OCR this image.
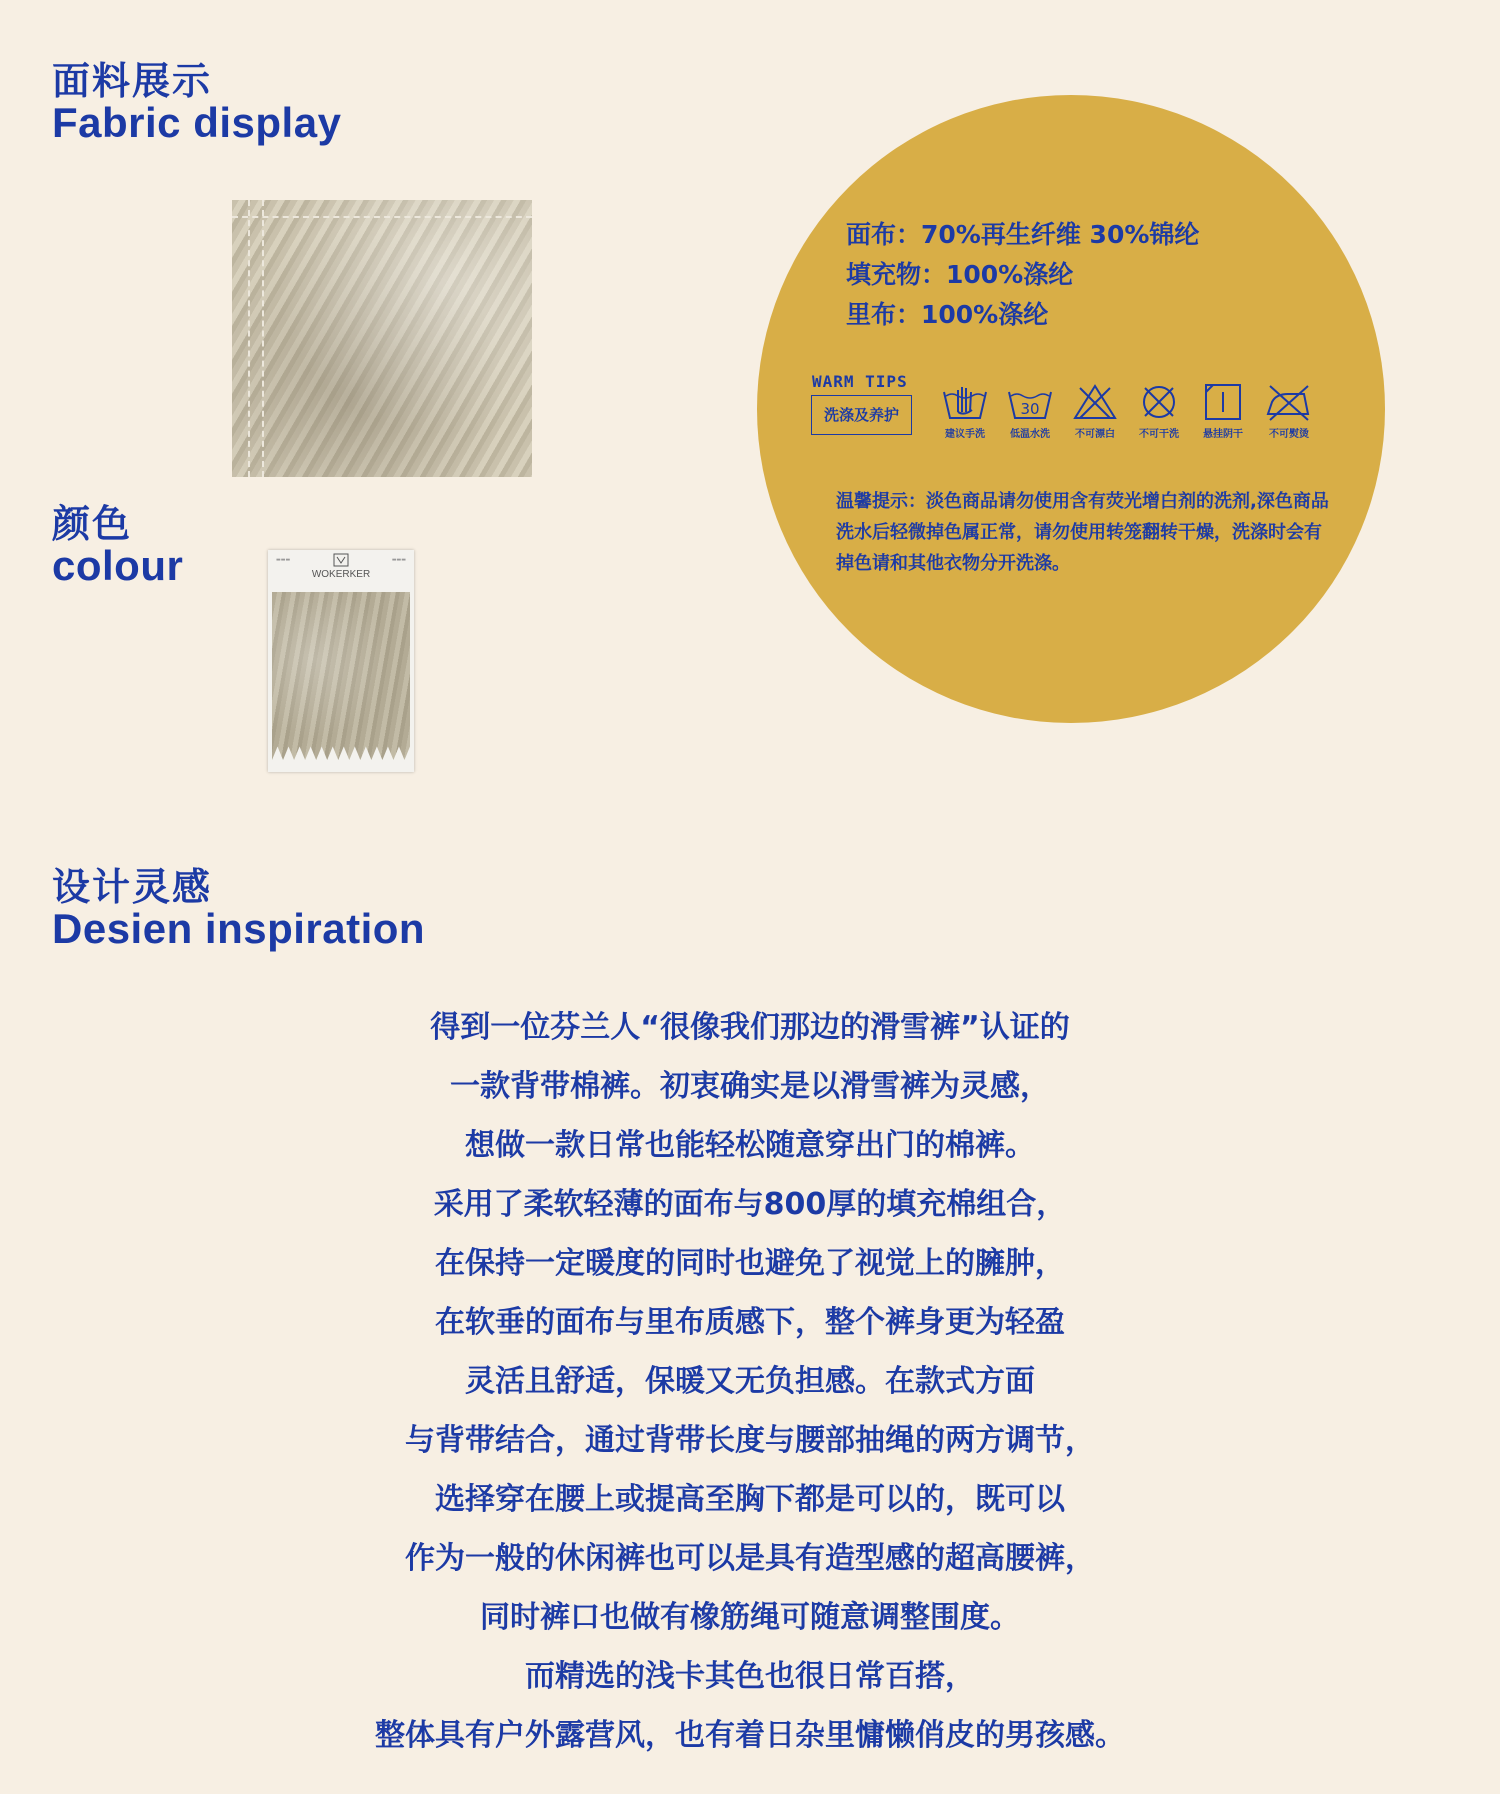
面料展示
Fabric display
颜色
colour	▬▬▬	▬▬▬
WOKERKER
面布：70%再生纤维 30%锦纶
填充物：100%涤纶
里布：100%涤纶
WARM TIPS
洗涤及养护
建议手洗
30
低温水洗	不可漂白	不可干洗	悬挂阴干	不可熨烫
温馨提示：淡色商品请勿使用含有荧光增白剂的洗剂,深色商品洗水后轻微掉色属正常，请勿使用转笼翻转干燥，洗涤时会有掉色请和其他衣物分开洗涤。
设计灵感
Desien inspiration
得到一位芬兰人“很像我们那边的滑雪裤”认证的
一款背带棉裤。初衷确实是以滑雪裤为灵感，
想做一款日常也能轻松随意穿出门的棉裤。
采用了柔软轻薄的面布与800厚的填充棉组合，
在保持一定暖度的同时也避免了视觉上的臃肿，
在软垂的面布与里布质感下，整个裤身更为轻盈
灵活且舒适，保暖又无负担感。在款式方面
与背带结合，通过背带长度与腰部抽绳的两方调节，
选择穿在腰上或提高至胸下都是可以的，既可以
作为一般的休闲裤也可以是具有造型感的超高腰裤，
同时裤口也做有橡筋绳可随意调整围度。
而精选的浅卡其色也很日常百搭，
整体具有户外露营风，也有着日杂里慵懒俏皮的男孩感。
